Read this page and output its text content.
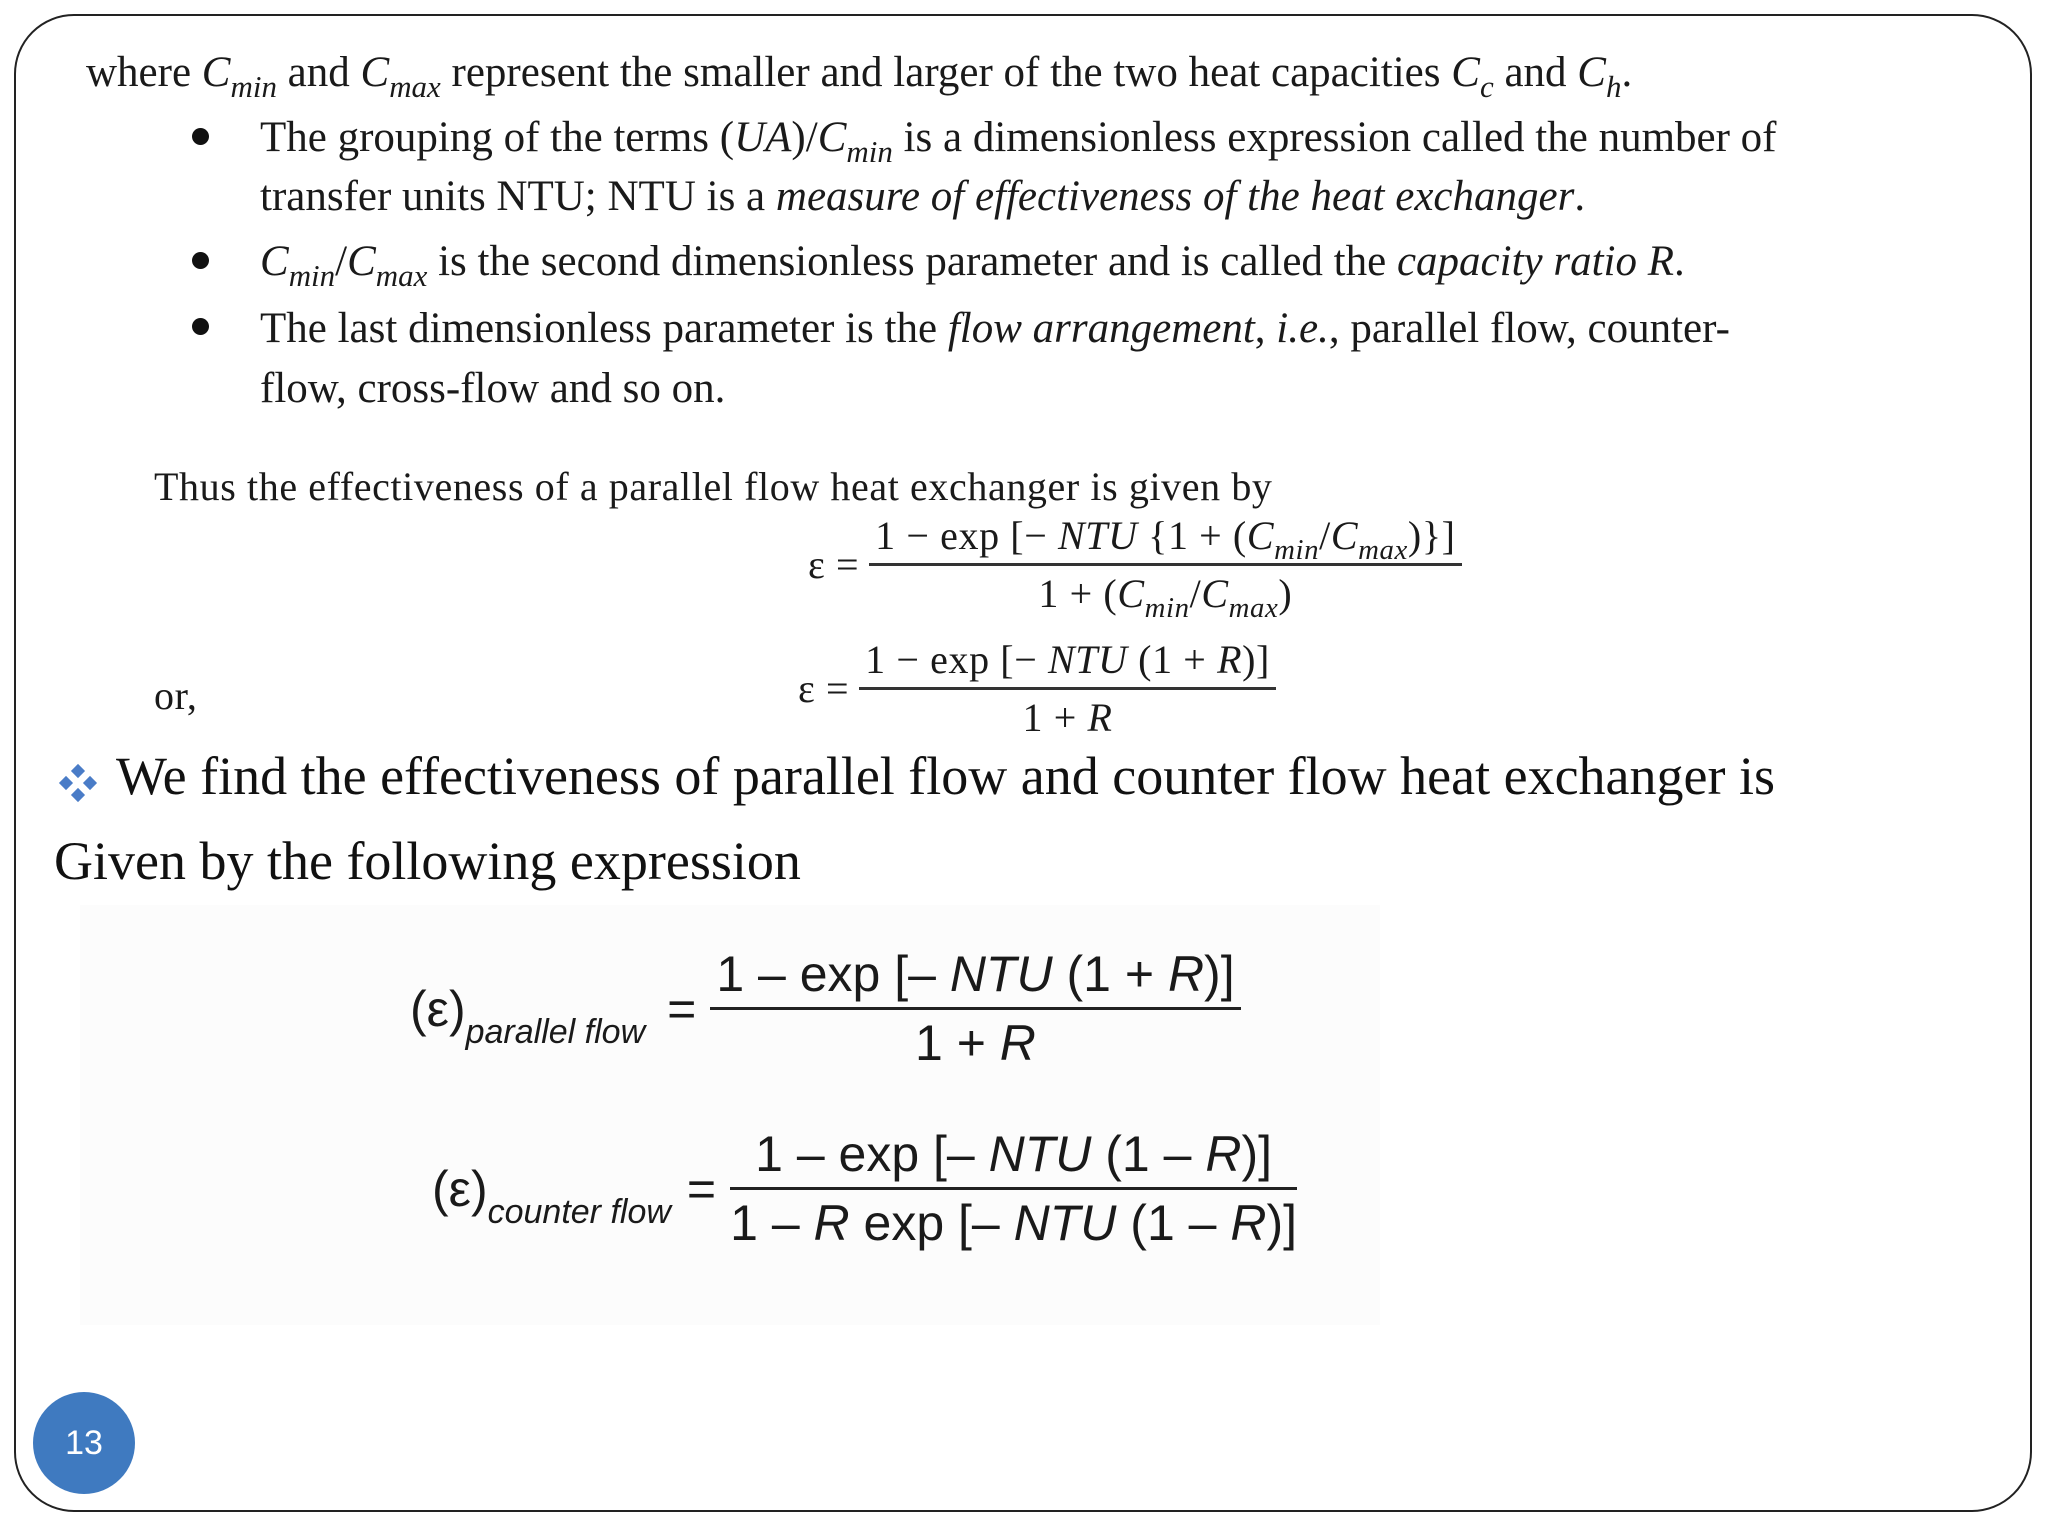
where $C_{min}$ and $C_{max}$ represent the smaller and larger of the two heat capacities $C_c$ and $C_h$.
The grouping of the terms $(UA)/C_{min}$ is a dimensionless expression called the number of
transfer units NTU; NTU is a measure of effectiveness of the heat exchanger.
$C_{min}/C_{max}$ is the second dimensionless parameter and is called the capacity ratio R.
The last dimensionless parameter is the flow arrangement, i.e., parallel flow, counter-
flow, cross-flow and so on.
Thus the effectiveness of a parallel flow heat exchanger is given by
$\varepsilon = \frac{1 - \exp [- NTU \{1 + (C_{min}/C_{max})\}]}{1 + (C_{min}/C_{max})}$
or,	$\varepsilon = \frac{\text{1 − exp [− NTU (1 + R)]}}{1 + R}$
We find the effectiveness of parallel flow and counter flow heat exchanger is
Given by the following expression
$(\varepsilon)_{parallel flow} = \frac{\text{1 – exp [– NTU (1 + R)]}}{1 + R}$
$(\varepsilon)_{counter flow} = \frac{\text{1 – exp [– NTU (1 – R)]}}{\text{1 – R exp [– NTU (1 – R)]}}$
13
